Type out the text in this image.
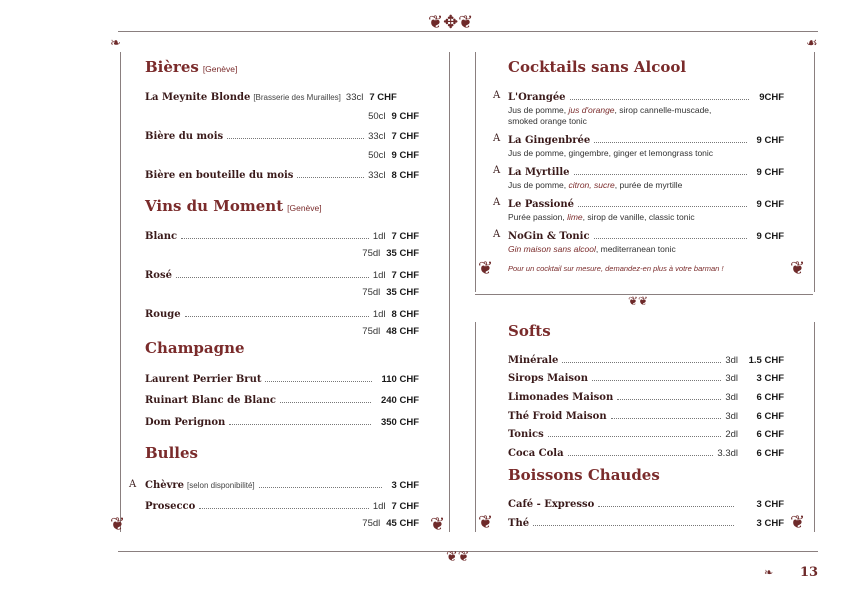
❦✥❦
❦❦
❧	☙
❦	❦
❦	❦
❦❦
❦	❦
Bières [Genève]
La Meynite Blonde [Brasserie des Murailles] 33cl 7 CHF
50cl 9 CHF
Bière du mois	33cl 7 CHF
50cl 9 CHF
Bière en bouteille du mois	33cl 8 CHF
Vins du Moment [Genève]
Blanc	1dl 7 CHF
75dl 35 CHF
Rosé	1dl 7 CHF
75dl 35 CHF
Rouge	1dl 8 CHF
75dl 48 CHF
Champagne
Laurent Perrier Brut	110 CHF
Ruinart Blanc de Blanc	240 CHF
Dom Perignon	350 CHF
Bulles
A Chèvre [selon disponibilité]	3 CHF
Prosecco	1dl 7 CHF
75dl 45 CHF
Cocktails sans Alcool
A L'Orangée	9CHF
Jus de pomme, jus d'orange, sirop cannelle-muscade,
smoked orange tonic
A La Gingenbrée	9 CHF
Jus de pomme, gingembre, ginger et lemongrass tonic
A La Myrtille	9 CHF
Jus de pomme, citron, sucre, purée de myrtille
A Le Passioné	9 CHF
Purée passion, lime, sirop de vanille, classic tonic
A NoGin & Tonic	9 CHF
Gin maison sans alcool, mediterranean tonic
Pour un cocktail sur mesure, demandez-en plus à votre barman !
Softs
Minérale	3dl	1.5 CHF
Sirops Maison	3dl	3 CHF
Limonades Maison	3dl	6 CHF
Thé Froid Maison	3dl	6 CHF
Tonics	2dl	6 CHF
Coca Cola	3.3dl	6 CHF
Boissons Chaudes
Café - Expresso	3 CHF
Thé	3 CHF
❧ 13
